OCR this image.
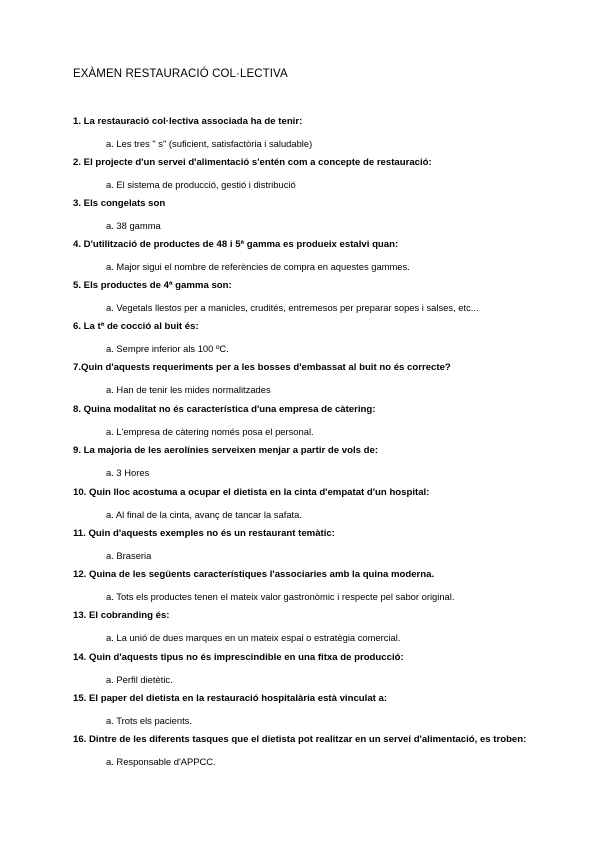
EXÀMEN RESTAURACIÓ COL·LECTIVA
1. La restauració col·lectiva associada ha de tenir:
a. Les tres " s" (suficient, satisfactòria i saludable)
2. El projecte d'un servei d'alimentació s'entén com a concepte de restauració:
a. El sistema de producció, gestió i distribució
3. Els congelats son
a. 38 gamma
4. D'utilització de productes de 48 i 5ª gamma es produeix estalvi quan:
a. Major sigui el nombre de referències de compra en aquestes gammes.
5. Els productes de 4ª gamma son:
a. Vegetals llestos per a manicles, crudités, entremesos per preparar sopes i salses, etc...
6. La tª de cocció al buit és:
a. Sempre inferior als 100 ºC.
7.Quin d'aquests requeriments per a les bosses d'embassat al buit no és correcte?
a. Han de tenir les mides normalitzades
8. Quina modalitat no és característica d'una empresa de càtering:
a. L'empresa de càtering només posa el personal.
9. La majoria de les aerolínies serveixen menjar a partir de vols de:
a. 3 Hores
10. Quin lloc acostuma a ocupar el dietista en la cinta d'empatat d'un hospital:
a. Al final de la cinta, avanç de tancar la safata.
11. Quin d'aquests exemples no és un restaurant temàtic:
a. Braseria
12. Quina de les següents característiques l'associaries amb la quina moderna.
a. Tots els productes tenen el mateix valor gastronòmic i respecte pel sabor original.
13. El cobranding és:
a. La unió de dues marques en un mateix espai o estratègia comercial.
14. Quin d'aquests tipus no és imprescindible en una fitxa de producció:
a. Perfil dietètic.
15. El paper del dietista en la restauració hospitalària està vinculat a:
a. Trots els pacients.
16. Dintre de les diferents tasques que el dietista pot realitzar en un servei d'alimentació, es troben:
a. Responsable d'APPCC.
